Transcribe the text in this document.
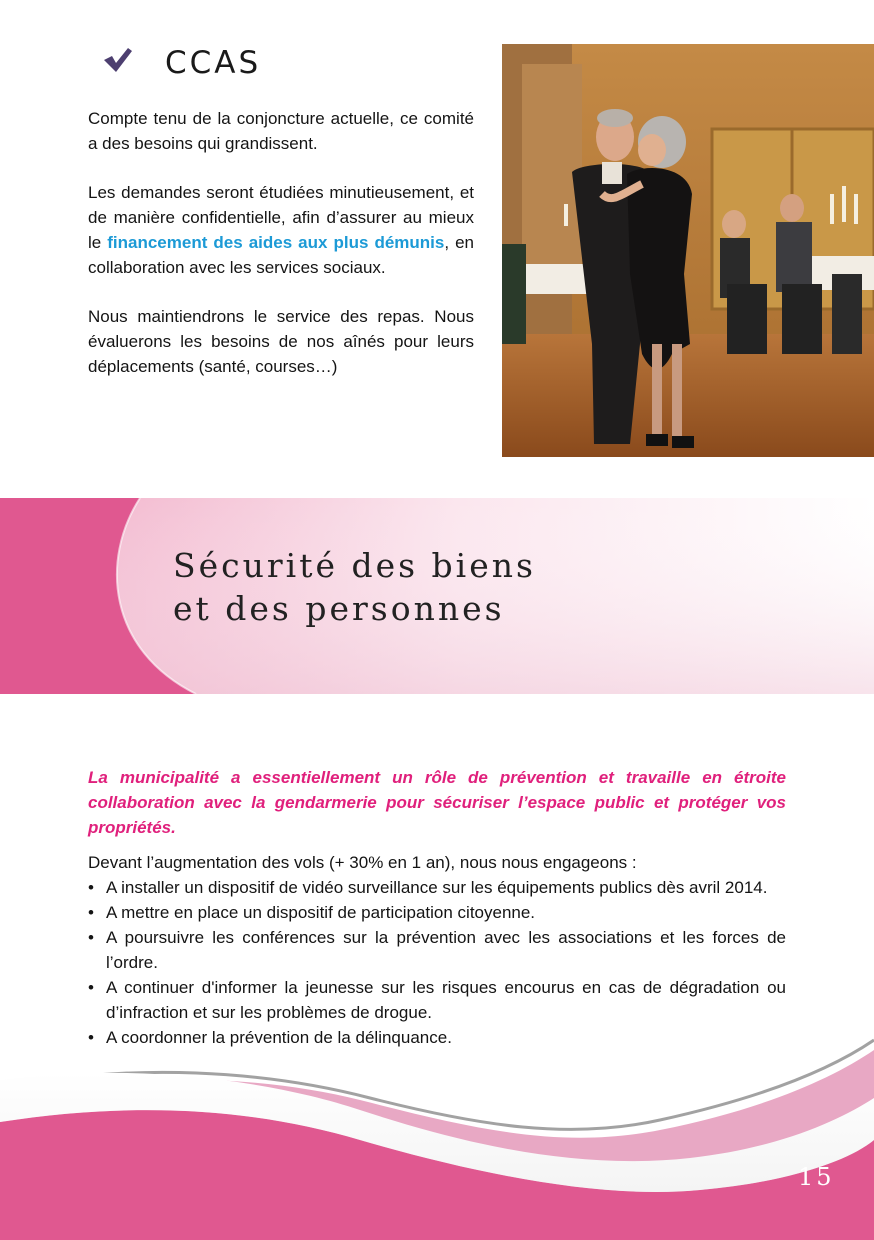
CCAS

Compte tenu de la conjoncture actuelle, ce comité a des besoins qui grandissent.

Les demandes seront étudiées minutieusement, et de manière confidentielle, afin d’assurer au mieux le financement des aides aux plus démunis, en collaboration avec les services sociaux.

Nous maintiendrons le service des repas. Nous évaluerons les besoins de nos aînés pour leurs déplacements (santé, courses…)

Sécurité des biens
et des personnes

La municipalité a essentiellement un rôle de prévention et travaille en étroite collaboration avec la gendarmerie pour sécuriser l’espace public et protéger vos propriétés.

Devant l’augmentation des vols (+ 30% en 1 an), nous nous engageons :
• A installer un dispositif de vidéo surveillance sur les équipements publics dès avril 2014.
• A mettre en place un dispositif de participation citoyenne.
• A poursuivre les conférences sur la prévention avec les associations et les forces de l’ordre.
• A continuer d'informer la jeunesse sur les risques encourus en cas de dégradation ou d’infraction et sur les problèmes de drogue.
• A coordonner la prévention de la délinquance.
15
